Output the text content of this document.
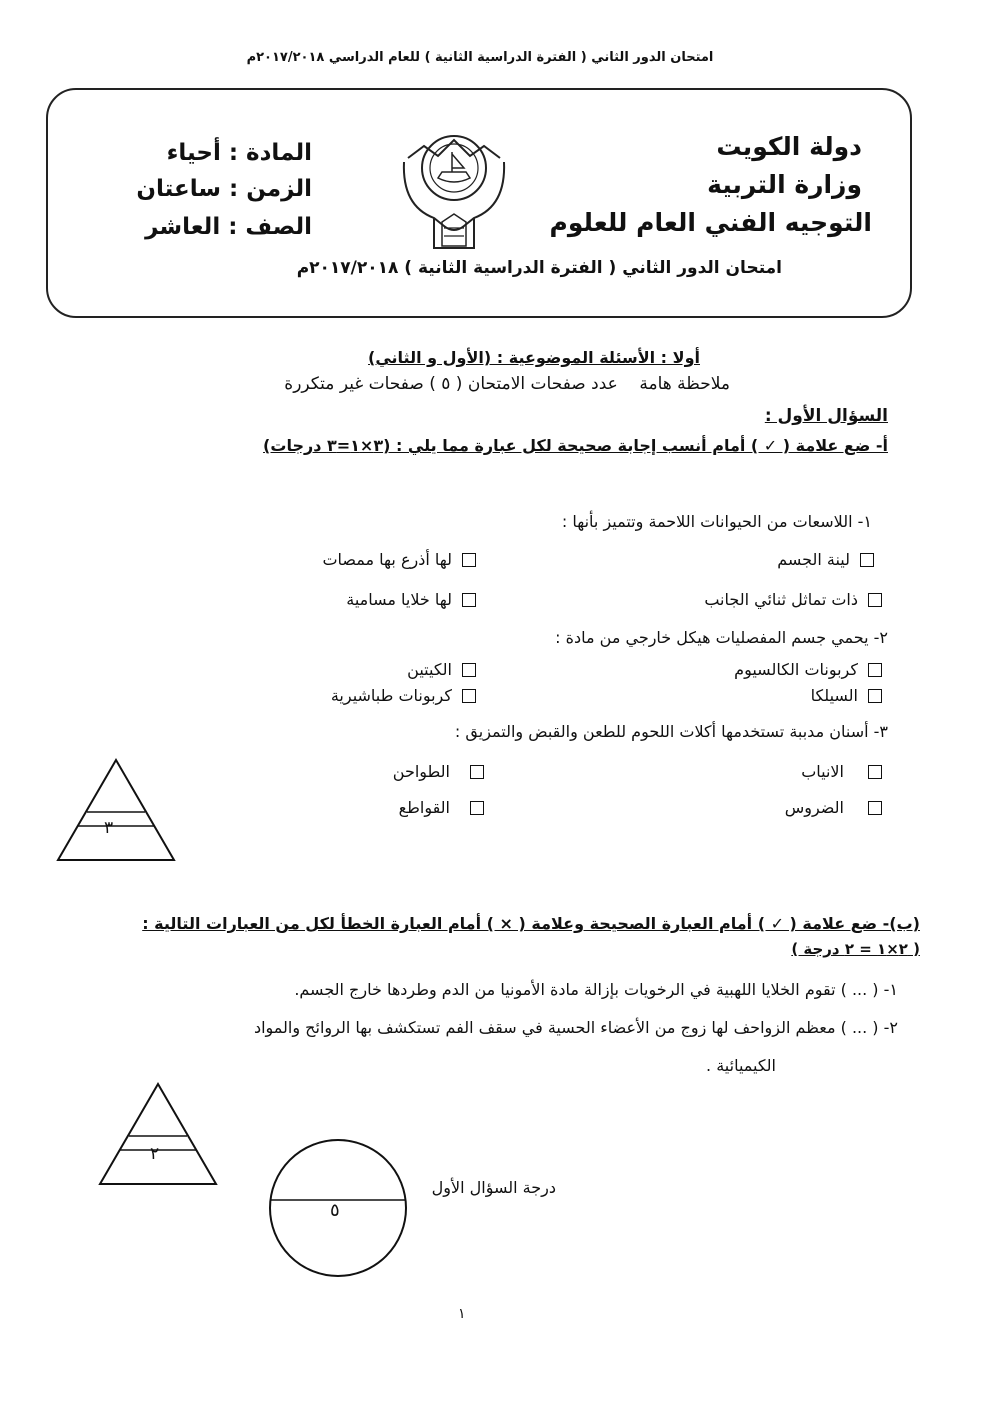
امتحان الدور الثاني ( الفترة الدراسية الثانية ) للعام الدراسي ٢٠١٧/٢٠١٨م
دولة الكويت
وزارة التربية
التوجيه الفني العام للعلوم
المادة : أحياء
الزمن : ساعتان
الصف : العاشر
امتحان الدور الثاني ( الفترة الدراسية الثانية ) ٢٠١٧/٢٠١٨م
أولا : الأسئلة الموضوعية : (الأول و الثاني)
ملاحظة هامة    عدد صفحات الامتحان ( ٥ ) صفحات غير متكررة
السؤال الأول :
أ- ضع علامة ( ✓ ) أمام أنسب إجابة صحيحة لكل عبارة مما يلي : (٣×١=٣ درجات)
١- اللاسعات من الحيوانات اللاحمة وتتميز بأنها :
لينة الجسم
لها أذرع بها ممصات
ذات تماثل ثنائي الجانب
لها خلايا مسامية
٢- يحمي جسم المفصليات هيكل خارجي من مادة :
كربونات الكالسيوم
الكيتين
السيلكا
كربونات طباشيرية
٣- أسنان مدببة تستخدمها أكلات اللحوم للطعن والقبض والتمزيق :
الانياب
الطواحن
الضروس
القواطع
٣
(ب)- ضع علامة ( ✓ ) أمام العبارة الصحيحة وعلامة ( × ) أمام العبارة الخطأ لكل من العبارات التالية :
( ٢×١ = ٢ درجة )
١- ( ... ) تقوم الخلايا اللهبية في الرخويات بإزالة مادة الأمونيا من الدم وطردها خارج الجسم.
٢- ( ... ) معظم الزواحف لها زوج من الأعضاء الحسية في سقف الفم تستكشف بها الروائح والمواد
الكيميائية .
٢
٥
درجة السؤال الأول
١
